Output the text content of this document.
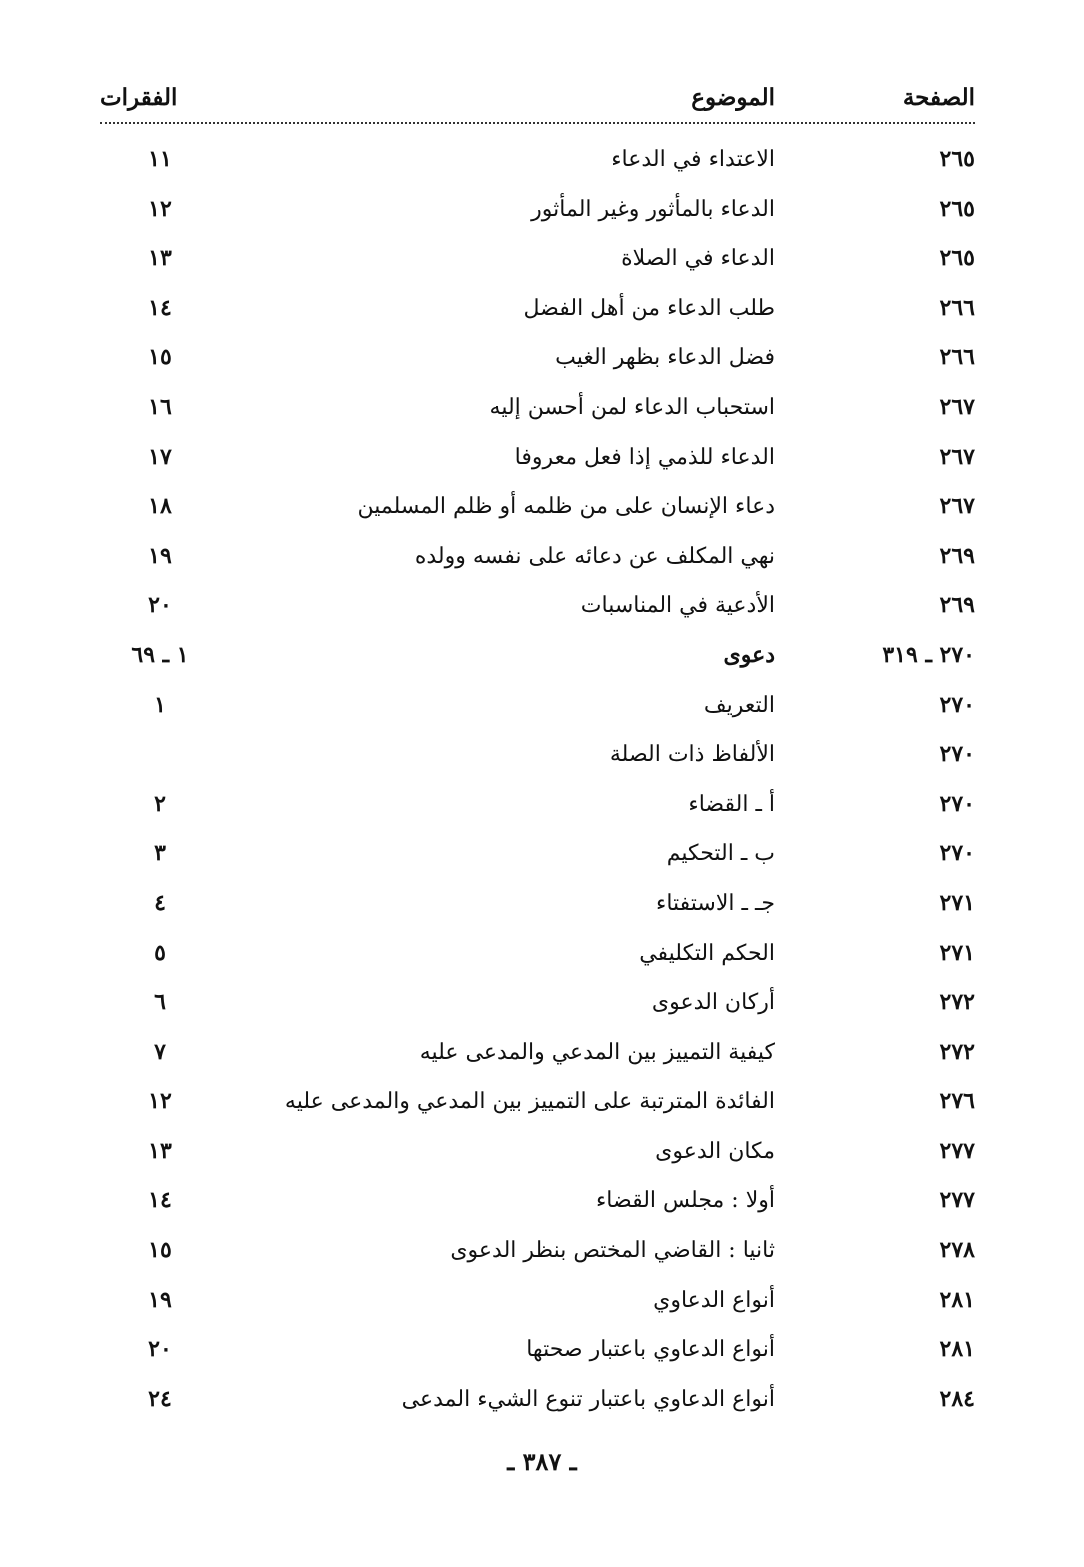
الصفحة
الموضوع
الفقرات
٢٦٥
الاعتداء في الدعاء
١١
٢٦٥
الدعاء بالمأثور وغير المأثور
١٢
٢٦٥
الدعاء في الصلاة
١٣
٢٦٦
طلب الدعاء من أهل الفضل
١٤
٢٦٦
فضل الدعاء بظهر الغيب
١٥
٢٦٧
استحباب الدعاء لمن أحسن إليه
١٦
٢٦٧
الدعاء للذمي إذا فعل معروفا
١٧
٢٦٧
دعاء الإنسان على من ظلمه أو ظلم المسلمين
١٨
٢٦٩
نهي المكلف عن دعائه على نفسه وولده
١٩
٢٦٩
الأدعية في المناسبات
٢٠
٢٧٠ ـ ٣١٩
دعوى
١ ـ ٦٩
٢٧٠
التعريف
١
٢٧٠
الألفاظ ذات الصلة
٢٧٠
أ ـ القضاء
٢
٢٧٠
ب ـ التحكيم
٣
٢٧١
جـ ـ الاستفتاء
٤
٢٧١
الحكم التكليفي
٥
٢٧٢
أركان الدعوى
٦
٢٧٢
كيفية التمييز بين المدعي والمدعى عليه
٧
٢٧٦
الفائدة المترتبة على التمييز بين المدعي والمدعى عليه
١٢
٢٧٧
مكان الدعوى
١٣
٢٧٧
أولا : مجلس القضاء
١٤
٢٧٨
ثانيا : القاضي المختص بنظر الدعوى
١٥
٢٨١
أنواع الدعاوي
١٩
٢٨١
أنواع الدعاوي باعتبار صحتها
٢٠
٢٨٤
أنواع الدعاوي باعتبار تنوع الشيء المدعى
٢٤
ـ ٣٨٧ ـ
